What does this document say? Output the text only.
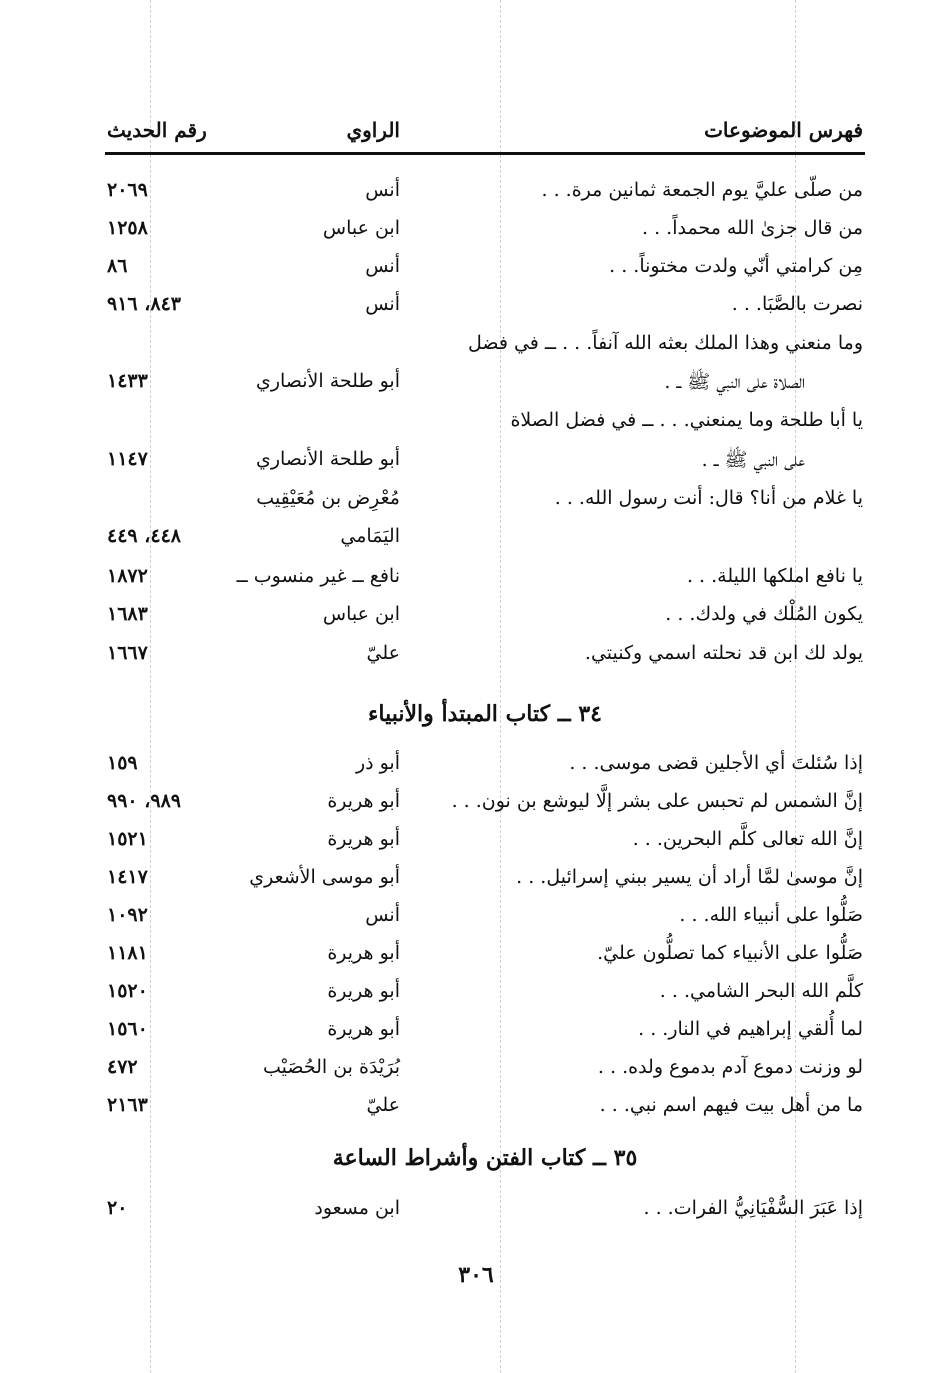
فهرس الموضوعات
الراوي
رقم الحديث
من صلّى عليَّ يوم الجمعة ثمانين مرة. . .
أنس
٢٠٦٩
من قال جزىٰ الله محمداً. . .
ابن عباس
١٢٥٨
مِن كرامتي أنّي ولدت مختوناً. . .
أنس
٨٦
نصرت بالصَّبَا. . .
أنس
٨٤٣، ٩١٦
وما منعني وهذا الملك بعثه الله آنفاً. . . ــ في فضل
الصلاة على النبي ﷺ ــ .
أبو طلحة الأنصاري
١٤٣٣
يا أبا طلحة وما يمنعني. . . ــ في فضل الصلاة
على النبي ﷺ ــ .
أبو طلحة الأنصاري
١١٤٧
يا غلام من أنا؟ قال: أنت رسول الله. . .
مُعْرِض بن مُعَيْقِيب
اليَمَامي
٤٤٨، ٤٤٩
يا نافع املكها الليلة. . .
نافع ــ غير منسوب ــ
١٨٧٢
يكون المُلْك في ولدك. . .
ابن عباس
١٦٨٣
يولد لك ابن قد نحلته اسمي وكنيتي.
عليّ
١٦٦٧
٣٤ ــ كتاب المبتدأ والأنبياء
إذا سُئلتَ أي الأجلين قضى موسى. . .
أبو ذر
١٥٩
إنَّ الشمس لم تحبس على بشر إلَّا ليوشع بن نون. . .
أبو هريرة
٩٨٩، ٩٩٠
إنَّ الله تعالى كلَّم البحرين. . .
أبو هريرة
١٥٢١
إنَّ موسىٰ لمَّا أراد أن يسير ببني إسرائيل. . .
أبو موسى الأشعري
١٤١٧
صَلُّوا على أنبياء الله. . .
أنس
١٠٩٢
صَلُّوا على الأنبياء كما تصلُّون عليّ.
أبو هريرة
١١٨١
كلَّم الله البحر الشامي. . .
أبو هريرة
١٥٢٠
لما أُلقي إبراهيم في النار. . .
أبو هريرة
١٥٦٠
لو وزنت دموع آدم بدموع ولده. . .
بُرَيْدَة بن الحُصَيْب
٤٧٢
ما من أهل بيت فيهم اسم نبي. . .
عليّ
٢١٦٣
٣٥ ــ كتاب الفتن وأشراط الساعة
إذا عَبَرَ السُّفْيَانِيُّ الفرات. . .
ابن مسعود
٢٠
٣٠٦
